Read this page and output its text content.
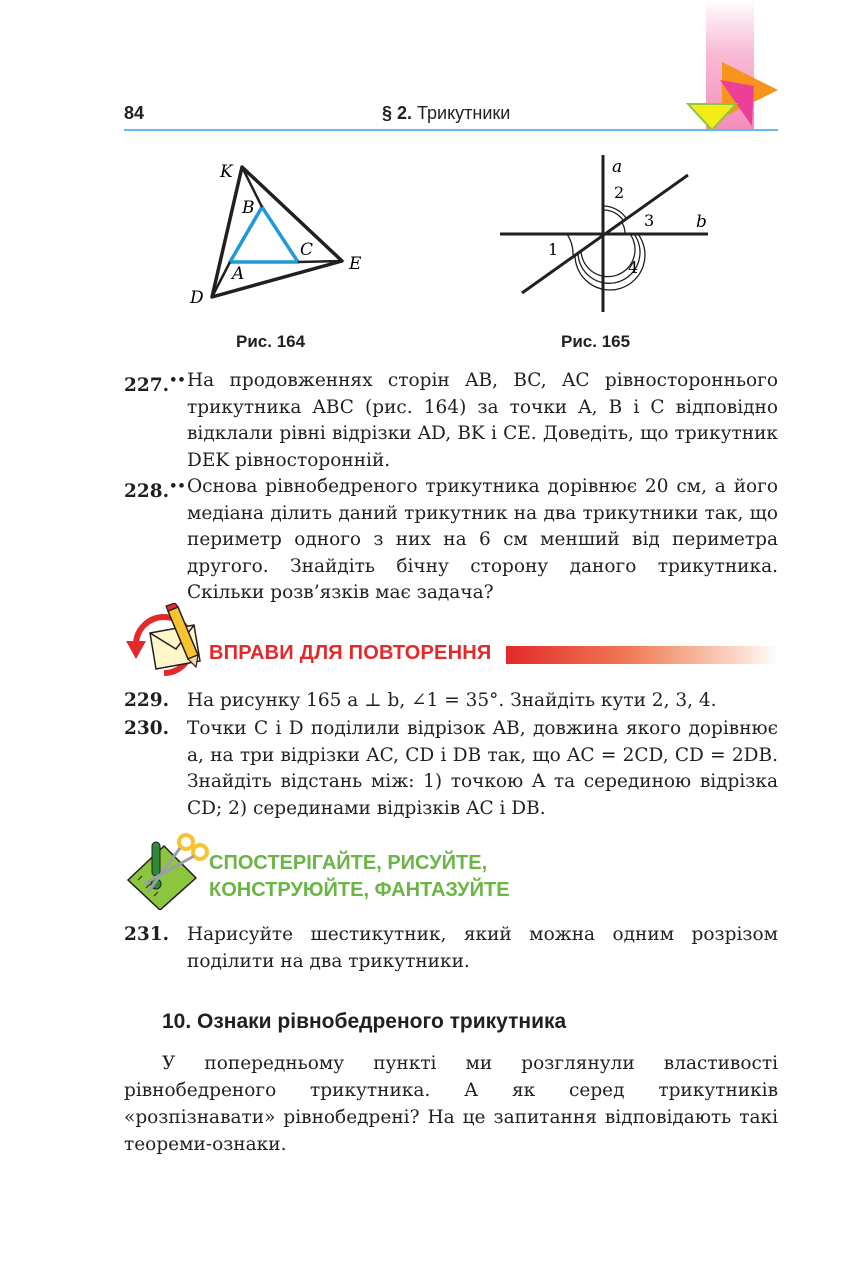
84	§ 2. Трикутники
K
B
C
A	E
D
Рис. 164
a
b
2
3
1
4
Рис. 165
227.•• На продовженнях сторін AB, BC, AC рівностороннього трикутника ABC (рис. 164) за точки A, B і C відповідно відклали рівні відрізки AD, BK і CE. Доведіть, що трикутник DEK рівносторонній.
228.•• Основа рівнобедреного трикутника дорівнює 20 см, а його медіана ділить даний трикутник на два трикутники так, що периметр одного з них на 6 см менший від периметра другого. Знайдіть бічну сторону даного трикутника. Скільки розв’язків має задача?
ВПРАВИ ДЛЯ ПОВТОРЕННЯ
229. На рисунку 165 a ⊥ b, ∠1 = 35°. Знайдіть кути 2, 3, 4.
230. Точки C і D поділили відрізок AB, довжина якого дорівнює a, на три відрізки AC, CD і DB так, що AC = 2CD, CD = 2DB. Знайдіть відстань між: 1) точкою A та серединою відрізка CD; 2) серединами відрізків AC і DB.
СПОСТЕРІГАЙТЕ, РИСУЙТЕ,
КОНСТРУЮЙТЕ, ФАНТАЗУЙТЕ
231. Нарисуйте шестикутник, який можна одним розрізом поділити на два трикутники.
10. Ознаки рівнобедреного трикутника
У попередньому пункті ми розглянули властивості рівнобедреного трикутника. А як серед трикутників «розпізнавати» рівнобедрені? На це запитання відповідають такі теореми-ознаки.
